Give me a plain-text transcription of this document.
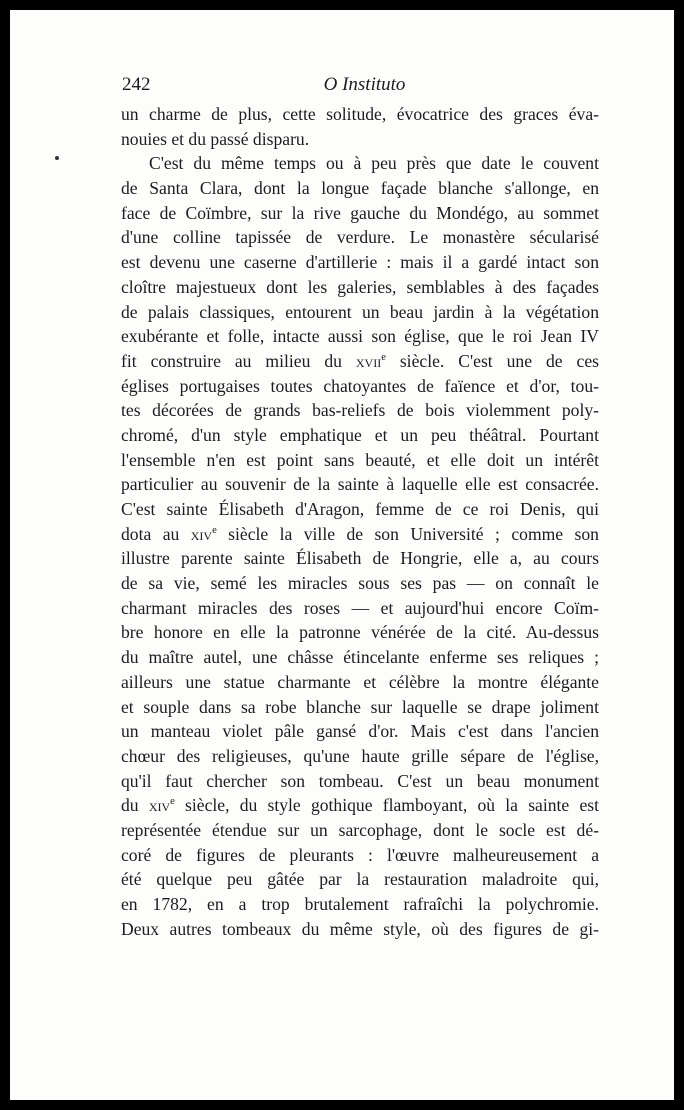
242	O Instituto
un charme de plus, cette solitude, évocatrice des graces éva-
nouies et du passé disparu.
C'est du même temps ou à peu près que date le couvent
de Santa Clara, dont la longue façade blanche s'allonge, en
face de Coïmbre, sur la rive gauche du Mondégo, au sommet
d'une colline tapissée de verdure. Le monastère sécularisé
est devenu une caserne d'artillerie : mais il a gardé intact son
cloître majestueux dont les galeries, semblables à des façades
de palais classiques, entourent un beau jardin à la végétation
exubérante et folle, intacte aussi son église, que le roi Jean IV
fit construire au milieu du xvii$^e$ siècle. C'est une de ces
églises portugaises toutes chatoyantes de faïence et d'or, tou-
tes décorées de grands bas-reliefs de bois violemment poly-
chromé, d'un style emphatique et un peu théâtral. Pourtant
l'ensemble n'en est point sans beauté, et elle doit un intérêt
particulier au souvenir de la sainte à laquelle elle est consacrée.
C'est sainte Élisabeth d'Aragon, femme de ce roi Denis, qui
dota au xiv$^e$ siècle la ville de son Université ; comme son
illustre parente sainte Élisabeth de Hongrie, elle a, au cours
de sa vie, semé les miracles sous ses pas — on connaît le
charmant miracles des roses — et aujourd'hui encore Coïm-
bre honore en elle la patronne vénérée de la cité. Au-dessus
du maître autel, une châsse étincelante enferme ses reliques ;
ailleurs une statue charmante et célèbre la montre élégante
et souple dans sa robe blanche sur laquelle se drape joliment
un manteau violet pâle gansé d'or. Mais c'est dans l'ancien
chœur des religieuses, qu'une haute grille sépare de l'église,
qu'il faut chercher son tombeau. C'est un beau monument
du xiv$^e$ siècle, du style gothique flamboyant, où la sainte est
représentée étendue sur un sarcophage, dont le socle est dé-
coré de figures de pleurants : l'œuvre malheureusement a
été quelque peu gâtée par la restauration maladroite qui,
en 1782, en a trop brutalement rafraîchi la polychromie.
Deux autres tombeaux du même style, où des figures de gi-
